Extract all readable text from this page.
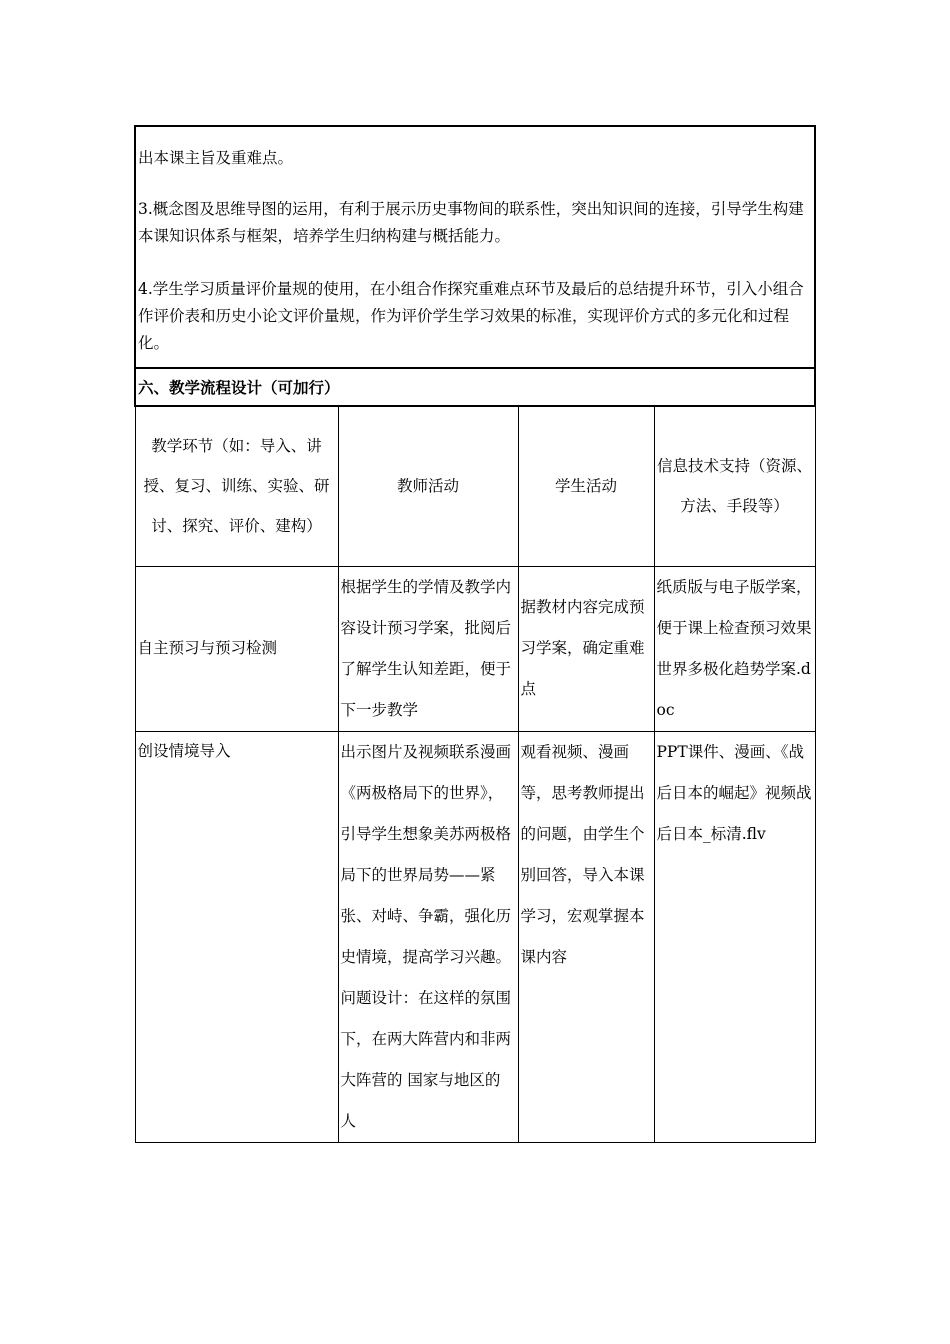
出本课主旨及重难点。

3.概念图及思维导图的运用，有利于展示历史事物间的联系性，突出知识间的连接，引导学生构建本课知识体系与框架，培养学生归纳构建与概括能力。

4.学生学习质量评价量规的使用，在小组合作探究重难点环节及最后的总结提升环节，引入小组合作评价表和历史小论文评价量规，作为评价学生学习效果的标准，实现评价方式的多元化和过程化。			

六、教学流程设计（可加行）			
教学环节（如：导入、讲授、复习、训练、实验、研讨、探究、评价、建构）	教师活动	学生活动	信息技术支持（资源、方法、手段等）
自主预习与预习检测	根据学生的学情及教学内容设计预习学案，批阅后了解学生认知差距，便于下一步教学	据教材内容完成预习学案，确定重难点	纸质版与电子版学案，便于课上检查预习效果世界多极化趋势学案.doc
创设情境导入	出示图片及视频联系漫画《两极格局下的世界》，引导学生想象美苏两极格局下的世界局势——紧张、对峙、争霸，强化历史情境，提高学习兴趣。问题设计：在这样的氛围下，在两大阵营内和非两大阵营的 国家与地区的人	观看视频、漫画等，思考教师提出的问题，由学生个别回答，导入本课学习，宏观掌握本课内容	PPT课件、漫画、《战后日本的崛起》视频战后日本_标清.flv
